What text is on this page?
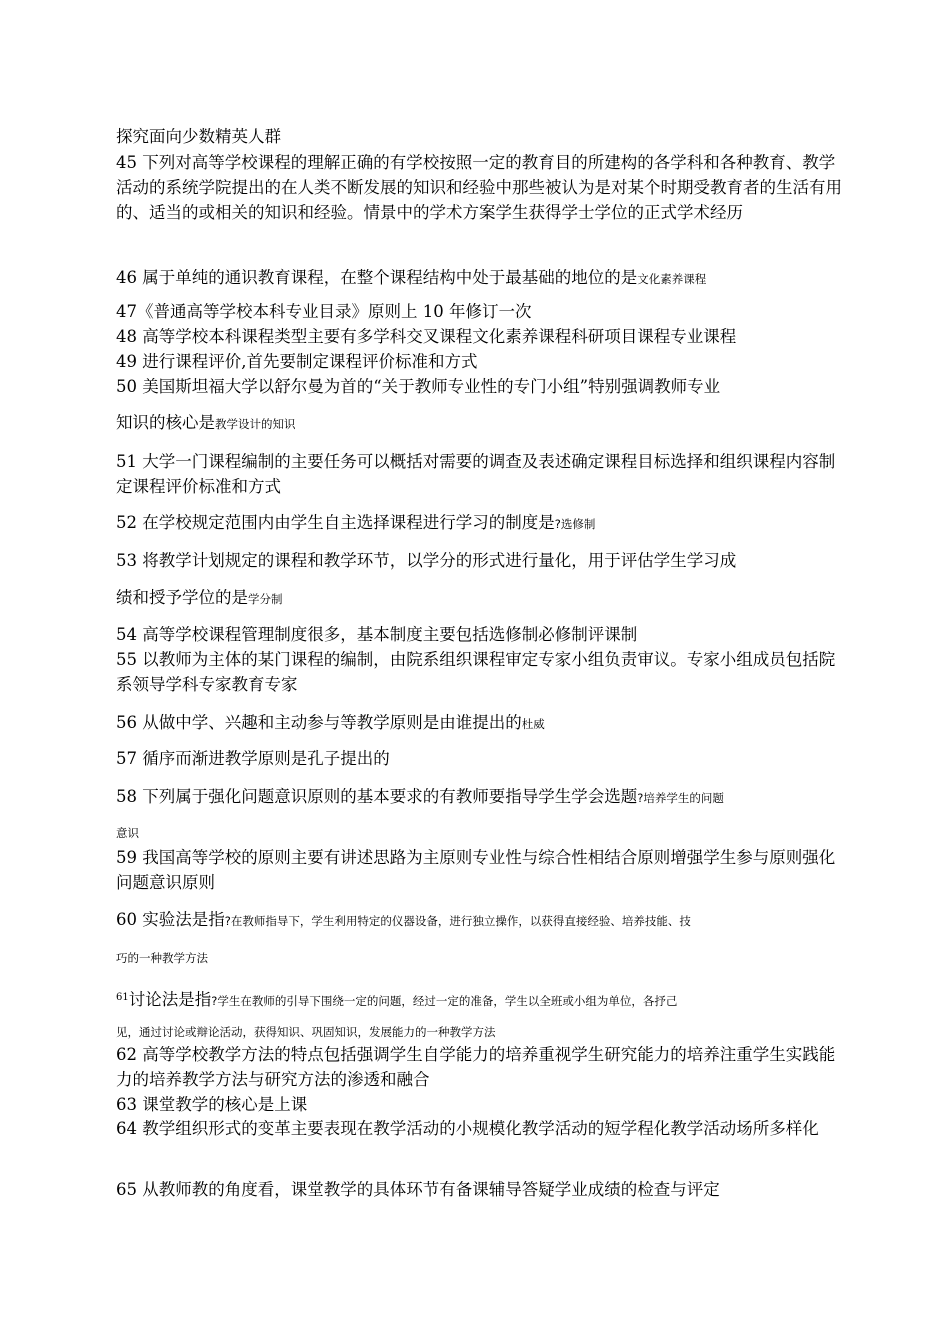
探究面向少数精英人群
45 下列对高等学校课程的理解正确的有学校按照一定的教育目的所建构的各学科和各种教育、教学活动的系统学院提出的在人类不断发展的知识和经验中那些被认为是对某个时期受教育者的生活有用的、适当的或相关的知识和经验。情景中的学术方案学生获得学士学位的正式学术经历
46 属于单纯的通识教育课程，在整个课程结构中处于最基础的地位的是文化素养课程
47《普通高等学校本科专业目录》原则上 10 年修订一次
48 高等学校本科课程类型主要有多学科交叉课程文化素养课程科研项目课程专业课程
49 进行课程评价,首先要制定课程评价标准和方式
50 美国斯坦福大学以舒尔曼为首的“关于教师专业性的专门小组”特别强调教师专业
知识的核心是教学设计的知识
51 大学一门课程编制的主要任务可以概括对需要的调查及表述确定课程目标选择和组织课程内容制定课程评价标准和方式
52 在学校规定范围内由学生自主选择课程进行学习的制度是?选修制
53 将教学计划规定的课程和教学环节，以学分的形式进行量化，用于评估学生学习成
绩和授予学位的是学分制
54 高等学校课程管理制度很多，基本制度主要包括选修制必修制评课制
55 以教师为主体的某门课程的编制，由院系组织课程审定专家小组负责审议。专家小组成员包括院系领导学科专家教育专家
56 从做中学、兴趣和主动参与等教学原则是由谁提出的杜威
57 循序而渐进教学原则是孔子提出的
58 下列属于强化问题意识原则的基本要求的有教师要指导学生学会选题?培养学生的问题
意识
59 我国高等学校的原则主要有讲述思路为主原则专业性与综合性相结合原则增强学生参与原则强化问题意识原则
60 实验法是指?在教师指导下，学生利用特定的仪器设备，进行独立操作，以获得直接经验、培养技能、技
巧的一种教学方法
$^{61}$讨论法是指?学生在教师的引导下围绕一定的问题，经过一定的准备，学生以全班或小组为单位，各抒己
见，通过讨论或辩论活动，获得知识、巩固知识，发展能力的一种教学方法
62 高等学校教学方法的特点包括强调学生自学能力的培养重视学生研究能力的培养注重学生实践能力的培养教学方法与研究方法的渗透和融合
63 课堂教学的核心是上课
64 教学组织形式的变革主要表现在教学活动的小规模化教学活动的短学程化教学活动场所多样化
65 从教师教的角度看，课堂教学的具体环节有备课辅导答疑学业成绩的检查与评定
